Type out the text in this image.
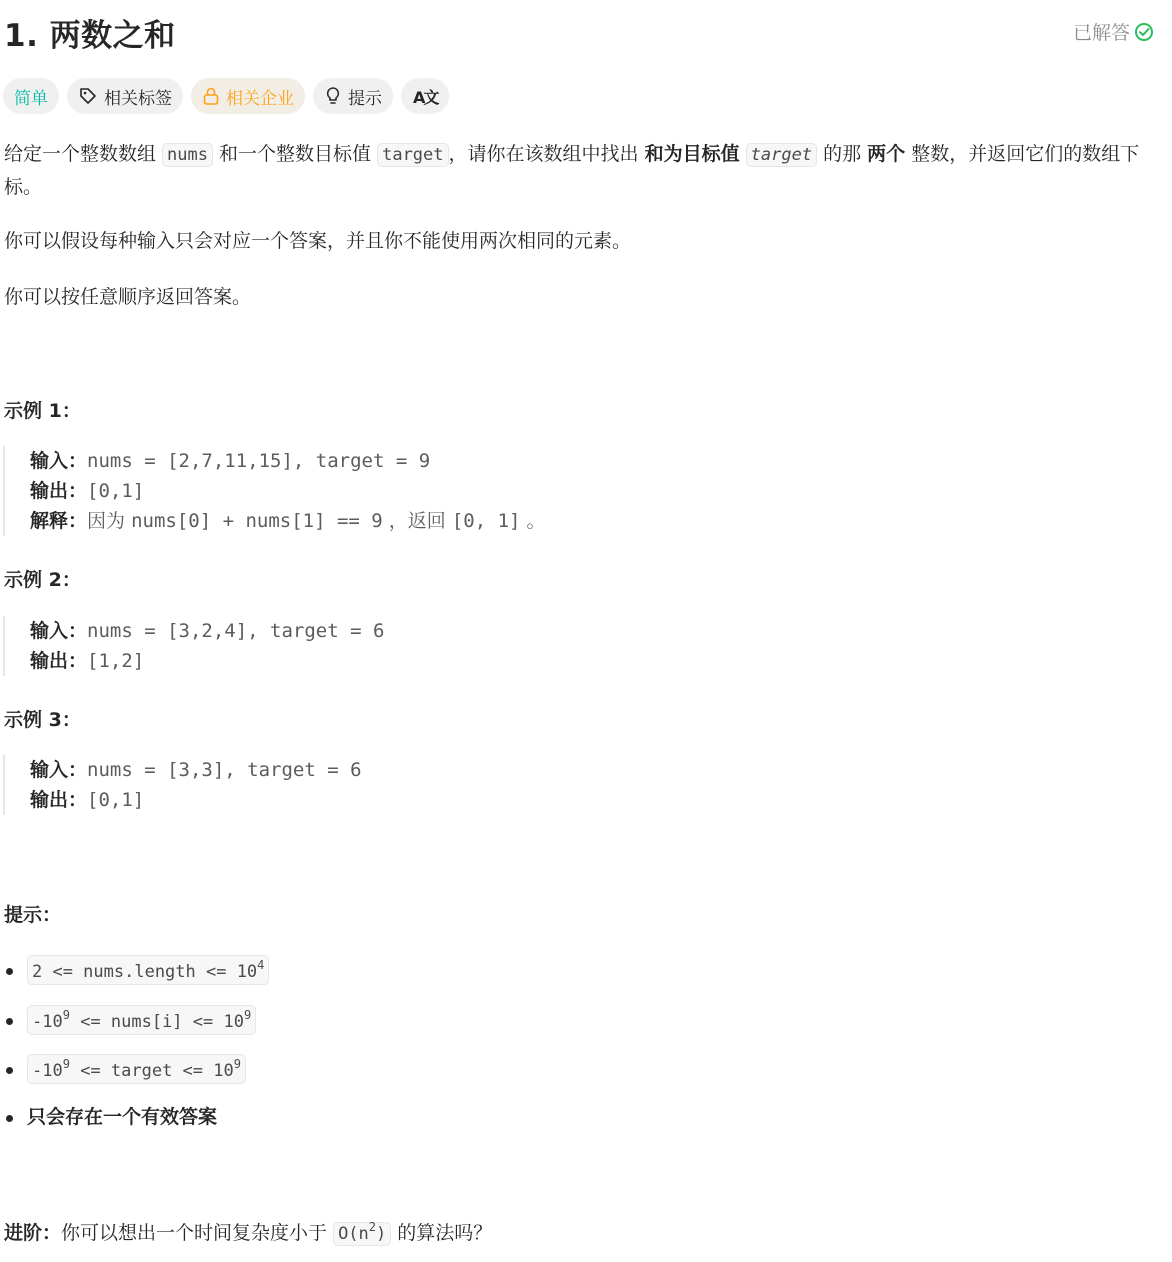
1. 两数之和	已解答
简单	相关标签	相关企业	提示 A文
给定一个整数数组 nums 和一个整数目标值 target ，请你在该数组中找出 和为目标值 target 的那 两个 整数，并返回它们的数组下标。
你可以假设每种输入只会对应一个答案，并且你不能使用两次相同的元素。
你可以按任意顺序返回答案。
示例 1：
输入：nums = [2,7,11,15], target = 9
输出：[0,1]
解释：因为 nums[0] + nums[1] == 9 ，返回 [0, 1] 。
示例 2：
输入：nums = [3,2,4], target = 6
输出：[1,2]
示例 3：
输入：nums = [3,3], target = 6
输出：[0,1]
提示：
2 <= nums.length <= $10^4$
$-10^9$ <= nums[i] <= $10^9$
$-10^9$ <= target <= $10^9$
只会存在一个有效答案
进阶：你可以想出一个时间复杂度小于 $O(n^2)$ 的算法吗？
